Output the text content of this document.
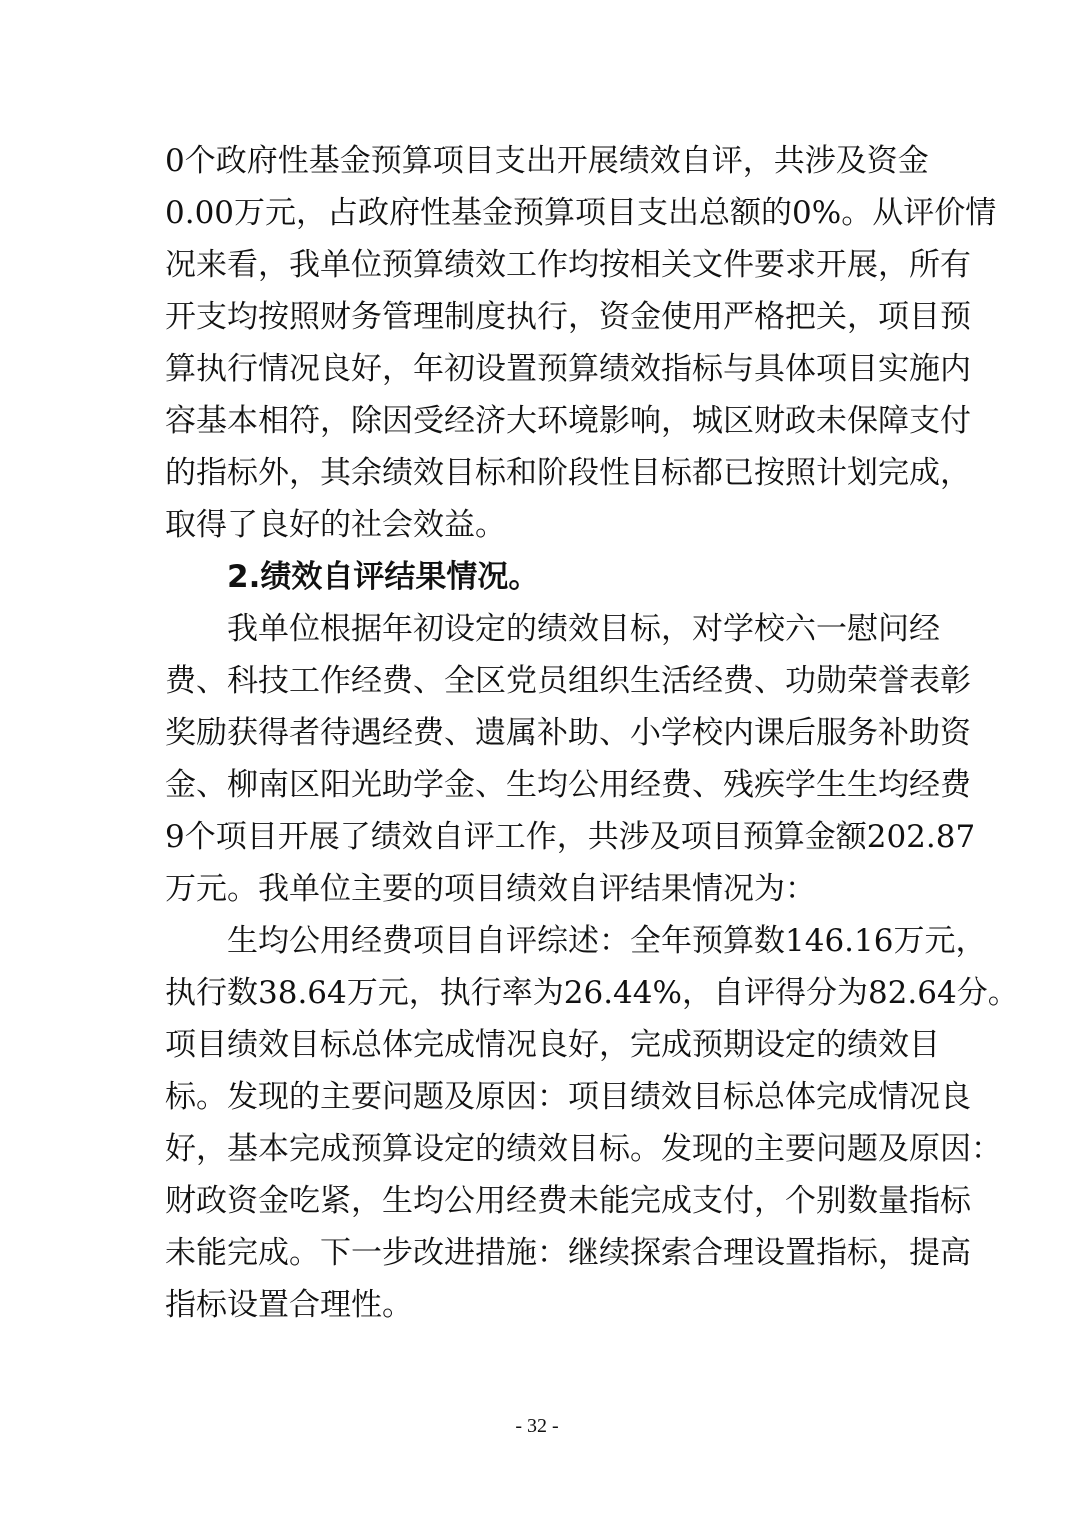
0个政府性基金预算项目支出开展绩效自评，共涉及资金
0.00万元，占政府性基金预算项目支出总额的0%。从评价情
况来看，我单位预算绩效工作均按相关文件要求开展，所有
开支均按照财务管理制度执行，资金使用严格把关，项目预
算执行情况良好，年初设置预算绩效指标与具体项目实施内
容基本相符，除因受经济大环境影响，城区财政未保障支付
的指标外，其余绩效目标和阶段性目标都已按照计划完成，
取得了良好的社会效益。
2.绩效自评结果情况。
我单位根据年初设定的绩效目标，对学校六一慰问经
费、科技工作经费、全区党员组织生活经费、功勋荣誉表彰
奖励获得者待遇经费、遗属补助、小学校内课后服务补助资
金、柳南区阳光助学金、生均公用经费、残疾学生生均经费
9个项目开展了绩效自评工作，共涉及项目预算金额202.87
万元。我单位主要的项目绩效自评结果情况为：
生均公用经费项目自评综述：全年预算数146.16万元，
执行数38.64万元，执行率为26.44%，自评得分为82.64分。
项目绩效目标总体完成情况良好，完成预期设定的绩效目
标。发现的主要问题及原因：项目绩效目标总体完成情况良
好，基本完成预算设定的绩效目标。发现的主要问题及原因：
财政资金吃紧，生均公用经费未能完成支付，个别数量指标
未能完成。下一步改进措施：继续探索合理设置指标，提高
指标设置合理性。
- 32 -
